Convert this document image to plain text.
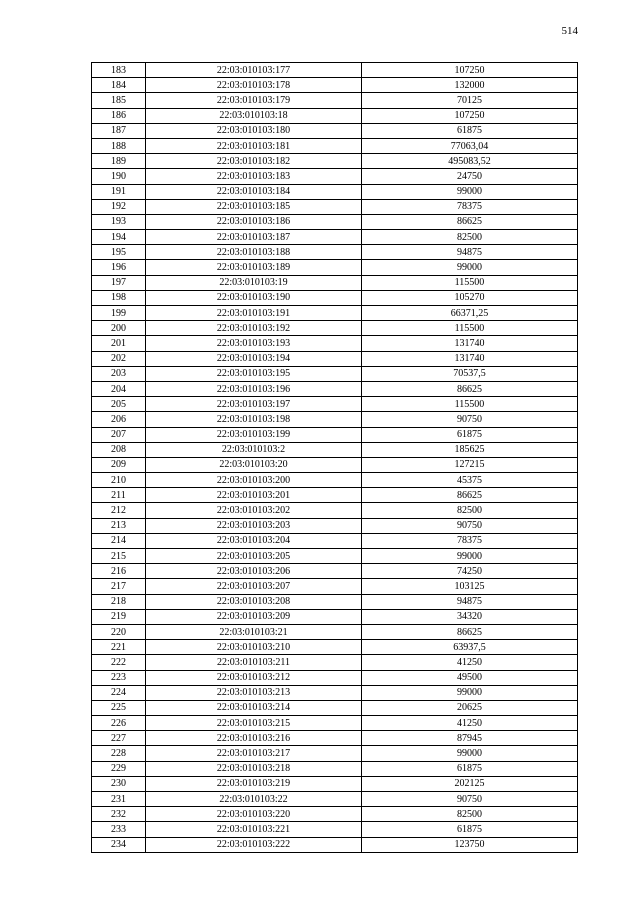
514
183	22:03:010103:177	107250
184	22:03:010103:178	132000
185	22:03:010103:179	70125
186	22:03:010103:18	107250
187	22:03:010103:180	61875
188	22:03:010103:181	77063,04
189	22:03:010103:182	495083,52
190	22:03:010103:183	24750
191	22:03:010103:184	99000
192	22:03:010103:185	78375
193	22:03:010103:186	86625
194	22:03:010103:187	82500
195	22:03:010103:188	94875
196	22:03:010103:189	99000
197	22:03:010103:19	115500
198	22:03:010103:190	105270
199	22:03:010103:191	66371,25
200	22:03:010103:192	115500
201	22:03:010103:193	131740
202	22:03:010103:194	131740
203	22:03:010103:195	70537,5
204	22:03:010103:196	86625
205	22:03:010103:197	115500
206	22:03:010103:198	90750
207	22:03:010103:199	61875
208	22:03:010103:2	185625
209	22:03:010103:20	127215
210	22:03:010103:200	45375
211	22:03:010103:201	86625
212	22:03:010103:202	82500
213	22:03:010103:203	90750
214	22:03:010103:204	78375
215	22:03:010103:205	99000
216	22:03:010103:206	74250
217	22:03:010103:207	103125
218	22:03:010103:208	94875
219	22:03:010103:209	34320
220	22:03:010103:21	86625
221	22:03:010103:210	63937,5
222	22:03:010103:211	41250
223	22:03:010103:212	49500
224	22:03:010103:213	99000
225	22:03:010103:214	20625
226	22:03:010103:215	41250
227	22:03:010103:216	87945
228	22:03:010103:217	99000
229	22:03:010103:218	61875
230	22:03:010103:219	202125
231	22:03:010103:22	90750
232	22:03:010103:220	82500
233	22:03:010103:221	61875
234	22:03:010103:222	123750
